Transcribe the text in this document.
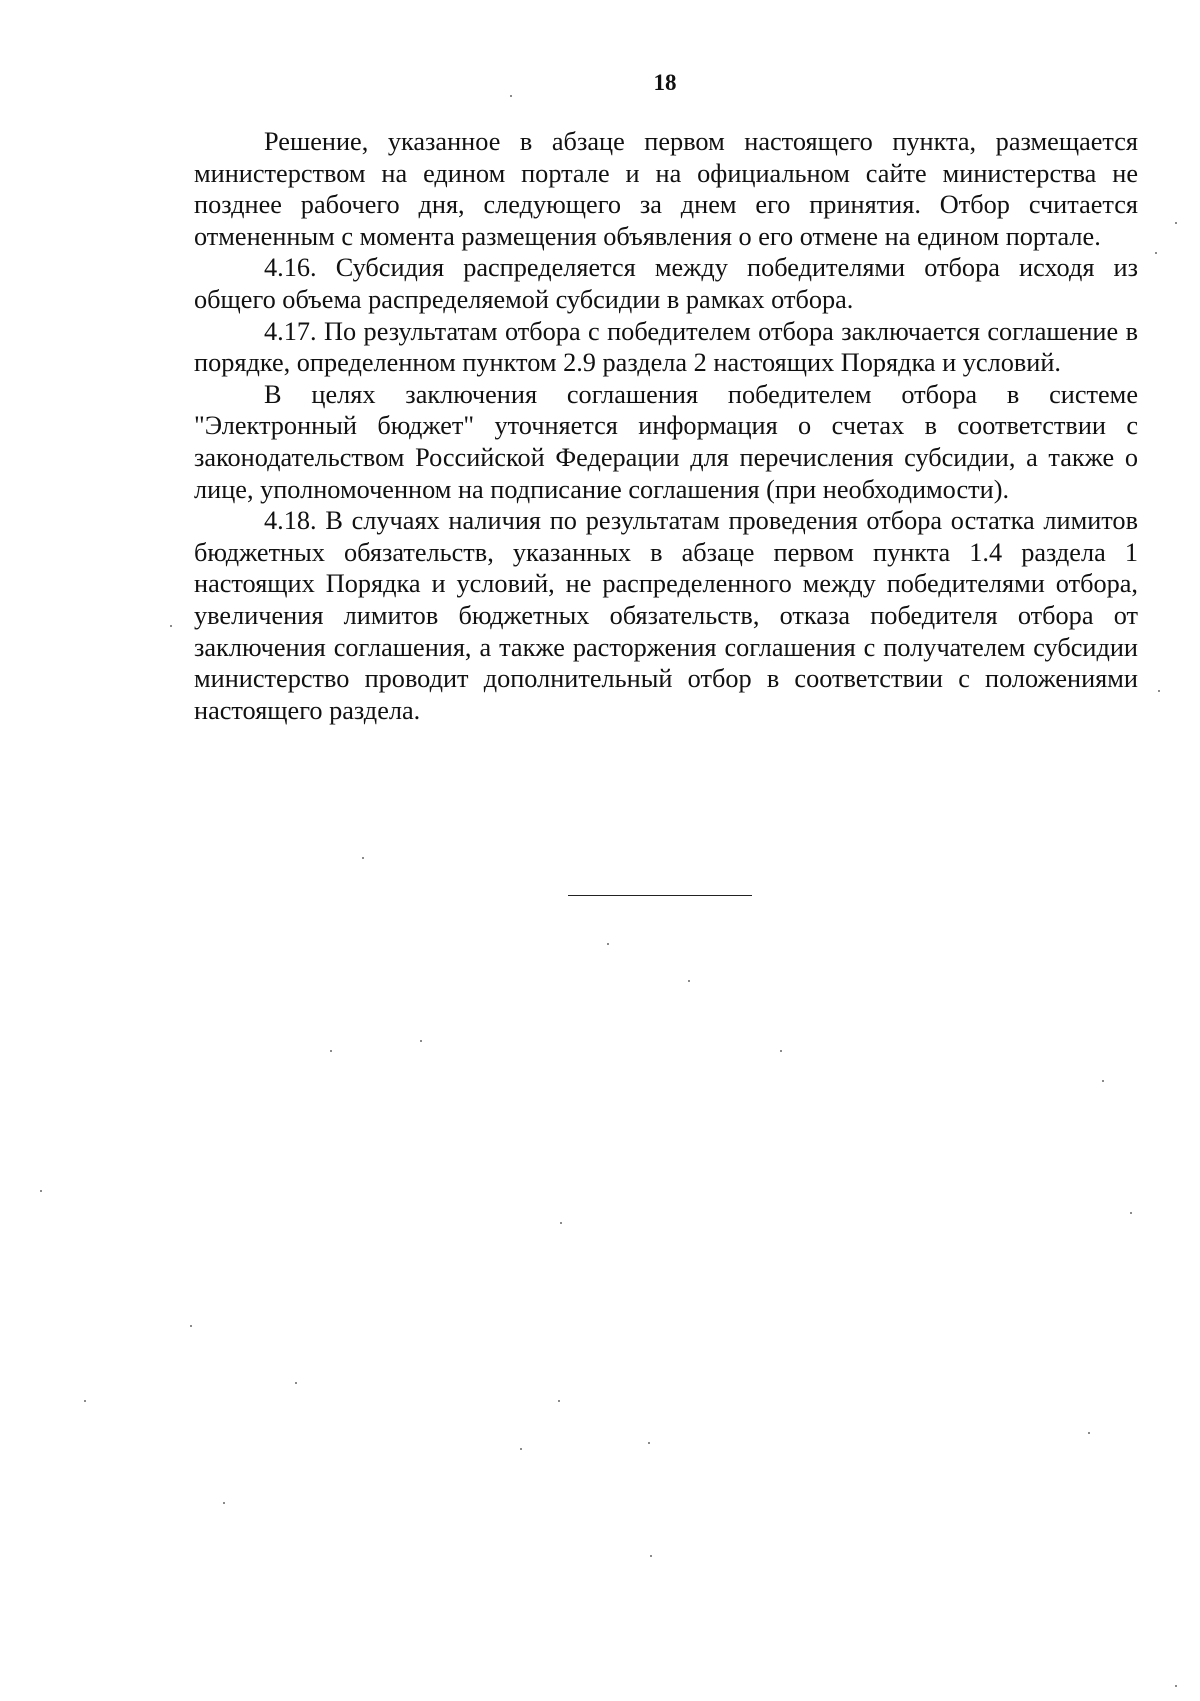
18

Решение, указанное в абзаце первом настоящего пункта, размещается министерством на едином портале и на официальном сайте министерства не позднее рабочего дня, следующего за днем его принятия. Отбор считается отмененным с момента размещения объявления о его отмене на едином портале.

4.16. Субсидия распределяется между победителями отбора исходя из общего объема распределяемой субсидии в рамках отбора.

4.17. По результатам отбора с победителем отбора заключается соглашение в порядке, определенном пунктом 2.9 раздела 2 настоящих Порядка и условий.

В целях заключения соглашения победителем отбора в системе "Электронный бюджет" уточняется информация о счетах в соответствии с законодательством Российской Федерации для перечисления субсидии, а также о лице, уполномоченном на подписание соглашения (при необходимости).

4.18. В случаях наличия по результатам проведения отбора остатка лимитов бюджетных обязательств, указанных в абзаце первом пункта 1.4 раздела 1 настоящих Порядка и условий, не распределенного между победителями отбора, увеличения лимитов бюджетных обязательств, отказа победителя отбора от заключения соглашения, а также расторжения соглашения с получателем субсидии министерство проводит дополнительный отбор в соответствии с положениями настоящего раздела.
